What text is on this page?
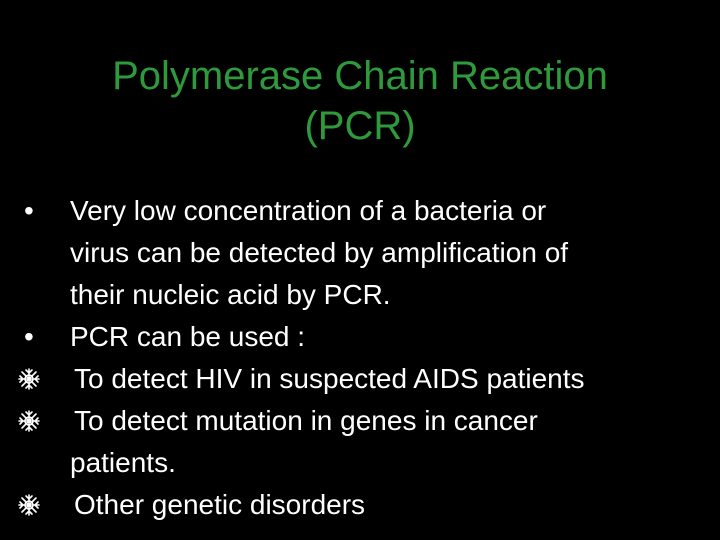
Polymerase Chain Reaction
(PCR)
•	Very low concentration of a bacteria or
virus can be detected by amplification of
their nucleic acid by PCR.
•	PCR can be used :
To detect HIV in suspected AIDS patients
To detect mutation in genes in cancer
patients.
Other genetic disorders
